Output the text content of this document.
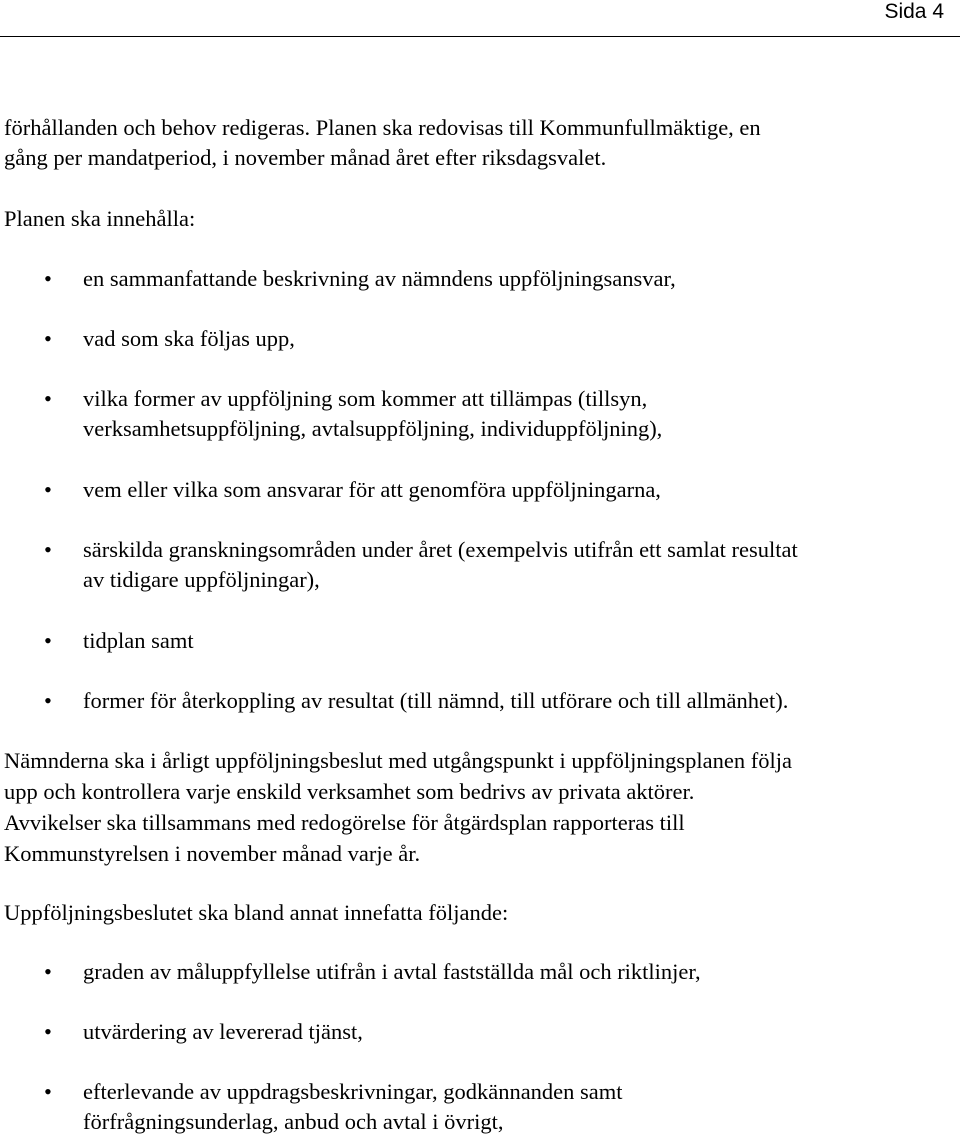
Sida 4
förhållanden och behov redigeras. Planen ska redovisas till Kommunfullmäktige, en
gång per mandatperiod, i november månad året efter riksdagsvalet.
Planen ska innehålla:
• en sammanfattande beskrivning av nämndens uppföljningsansvar,
• vad som ska följas upp,
• vilka former av uppföljning som kommer att tillämpas (tillsyn,
verksamhetsuppföljning, avtalsuppföljning, individuppföljning),
• vem eller vilka som ansvarar för att genomföra uppföljningarna,
• särskilda granskningsområden under året (exempelvis utifrån ett samlat resultat
av tidigare uppföljningar),
• tidplan samt
• former för återkoppling av resultat (till nämnd, till utförare och till allmänhet).
Nämnderna ska i årligt uppföljningsbeslut med utgångspunkt i uppföljningsplanen följa
upp och kontrollera varje enskild verksamhet som bedrivs av privata aktörer.
Avvikelser ska tillsammans med redogörelse för åtgärdsplan rapporteras till
Kommunstyrelsen i november månad varje år.
Uppföljningsbeslutet ska bland annat innefatta följande:
• graden av måluppfyllelse utifrån i avtal fastställda mål och riktlinjer,
• utvärdering av levererad tjänst,
• efterlevande av uppdragsbeskrivningar, godkännanden samt
förfrågningsunderlag, anbud och avtal i övrigt,
